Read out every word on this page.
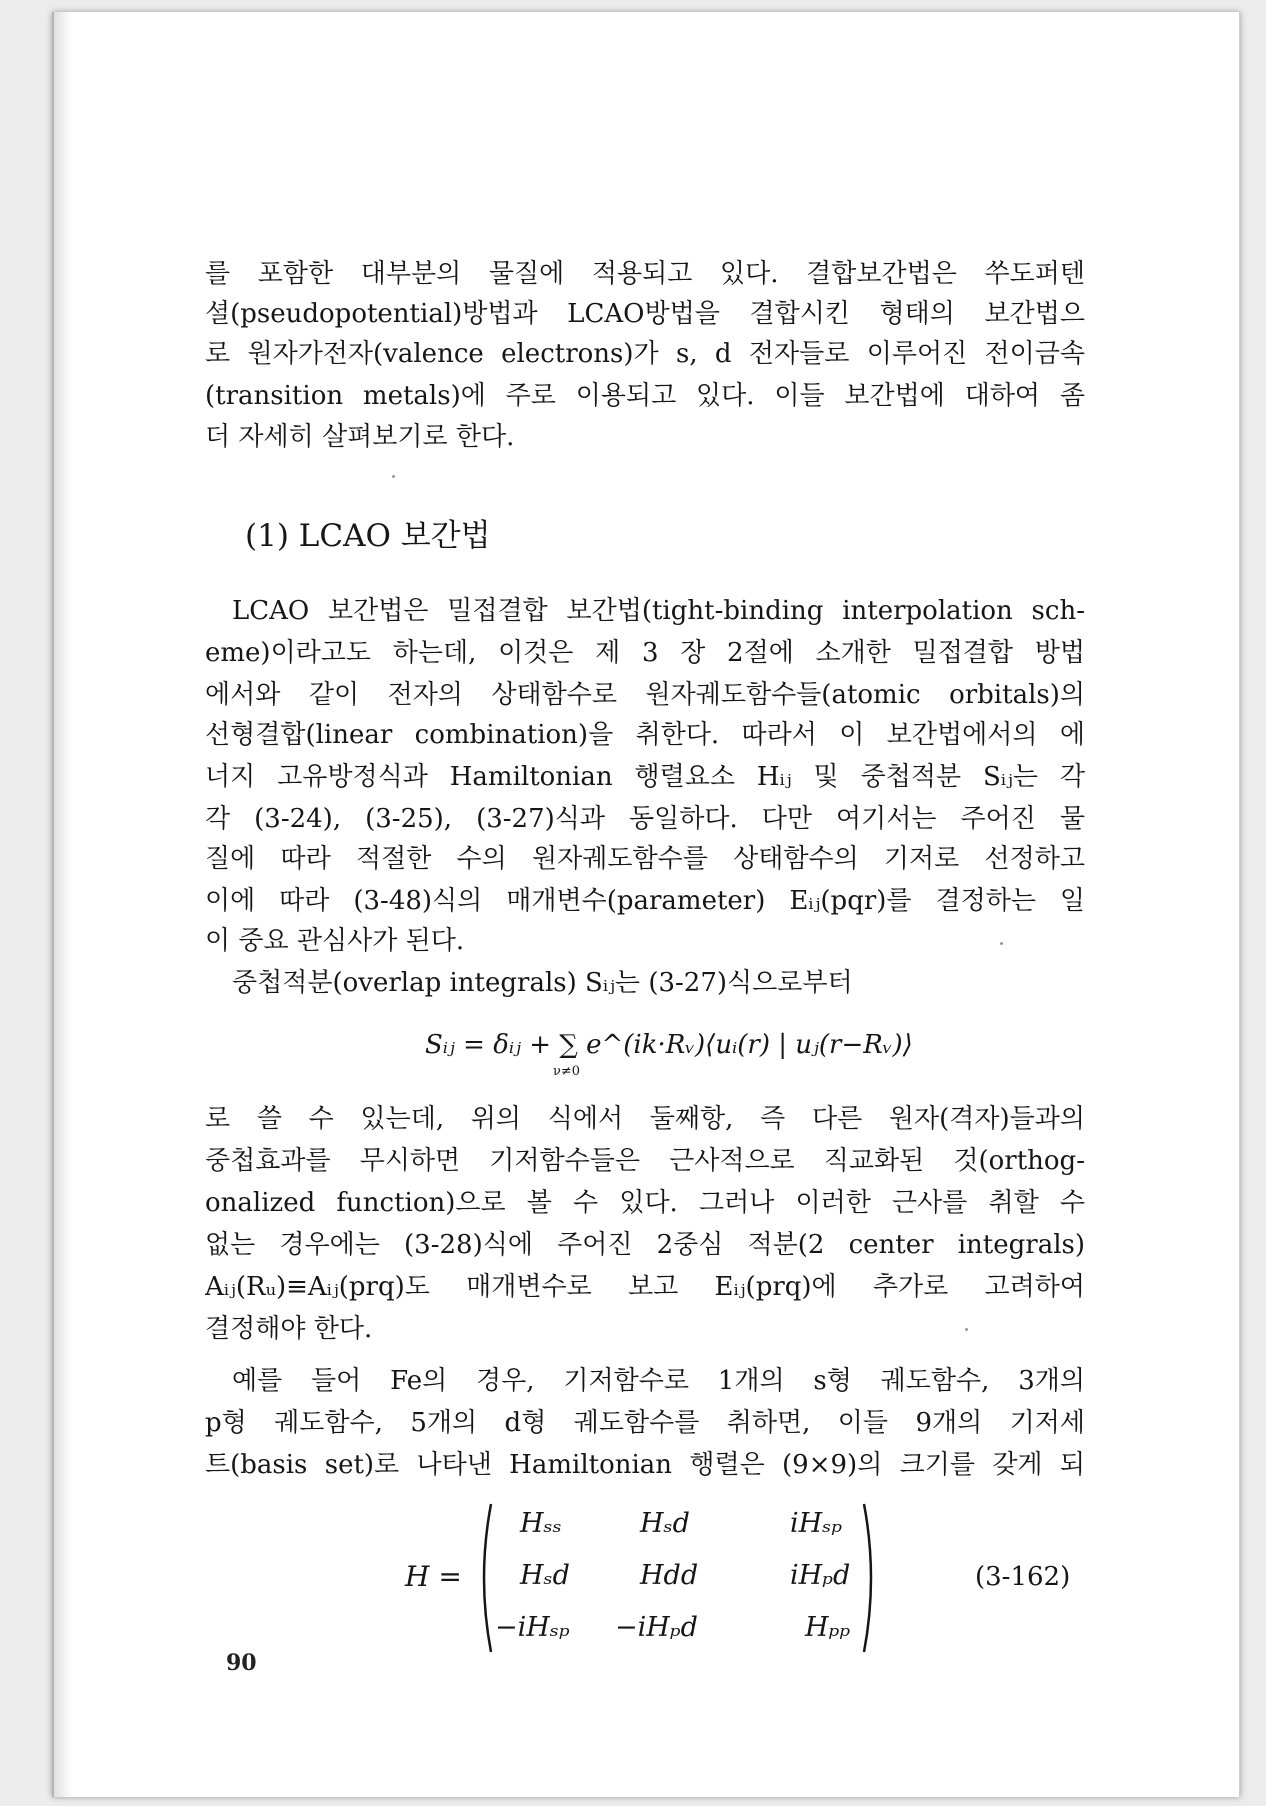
를 포함한 대부분의 물질에 적용되고 있다. 결합보간법은 쑤도퍼텐
셜(pseudopotential)방법과 LCAO방법을 결합시킨 형태의 보간법으
로 원자가전자(valence electrons)가 s, d 전자들로 이루어진 전이금속
(transition metals)에 주로 이용되고 있다. 이들 보간법에 대하여 좀
더 자세히 살펴보기로 한다.
(1) LCAO 보간법
LCAO 보간법은 밀접결합 보간법(tight-binding interpolation sch-
eme)이라고도 하는데, 이것은 제 3 장 2절에 소개한 밀접결합 방법
에서와 같이 전자의 상태함수로 원자궤도함수들(atomic orbitals)의
선형결합(linear combination)을 취한다. 따라서 이 보간법에서의 에
너지 고유방정식과 Hamiltonian 행렬요소 Hᵢⱼ 및 중첩적분 Sᵢⱼ는 각
각 (3-24), (3-25), (3-27)식과 동일하다. 다만 여기서는 주어진 물
질에 따라 적절한 수의 원자궤도함수를 상태함수의 기저로 선정하고
이에 따라 (3-48)식의 매개변수(parameter) Eᵢⱼ(pqr)를 결정하는 일
이 중요 관심사가 된다.
중첩적분(overlap integrals) Sᵢⱼ는 (3-27)식으로부터
Sᵢⱼ = δᵢⱼ + ∑ e^(ik·Rᵥ)⟨uᵢ(r) | uⱼ(r−Rᵥ)⟩
ν≠0
로 쓸 수 있는데, 위의 식에서 둘째항, 즉 다른 원자(격자)들과의
중첩효과를 무시하면 기저함수들은 근사적으로 직교화된 것(orthog-
onalized function)으로 볼 수 있다. 그러나 이러한 근사를 취할 수
없는 경우에는 (3-28)식에 주어진 2중심 적분(2 center integrals)
Aᵢⱼ(Rᵤ)≡Aᵢⱼ(prq)도 매개변수로 보고 Eᵢⱼ(prq)에 추가로 고려하여
결정해야 한다.
예를 들어 Fe의 경우, 기저함수로 1개의 s형 궤도함수, 3개의
p형 궤도함수, 5개의 d형 궤도함수를 취하면, 이들 9개의 기저세
트(basis set)로 나타낸 Hamiltonian 행렬은 (9×9)의 크기를 갖게 되
H =
Hₛₛ	Hₛd	iHₛₚ
Hₛd	Hdd	iHₚd
−iHₛₚ −iHₚd	Hₚₚ
(3-162)
90
